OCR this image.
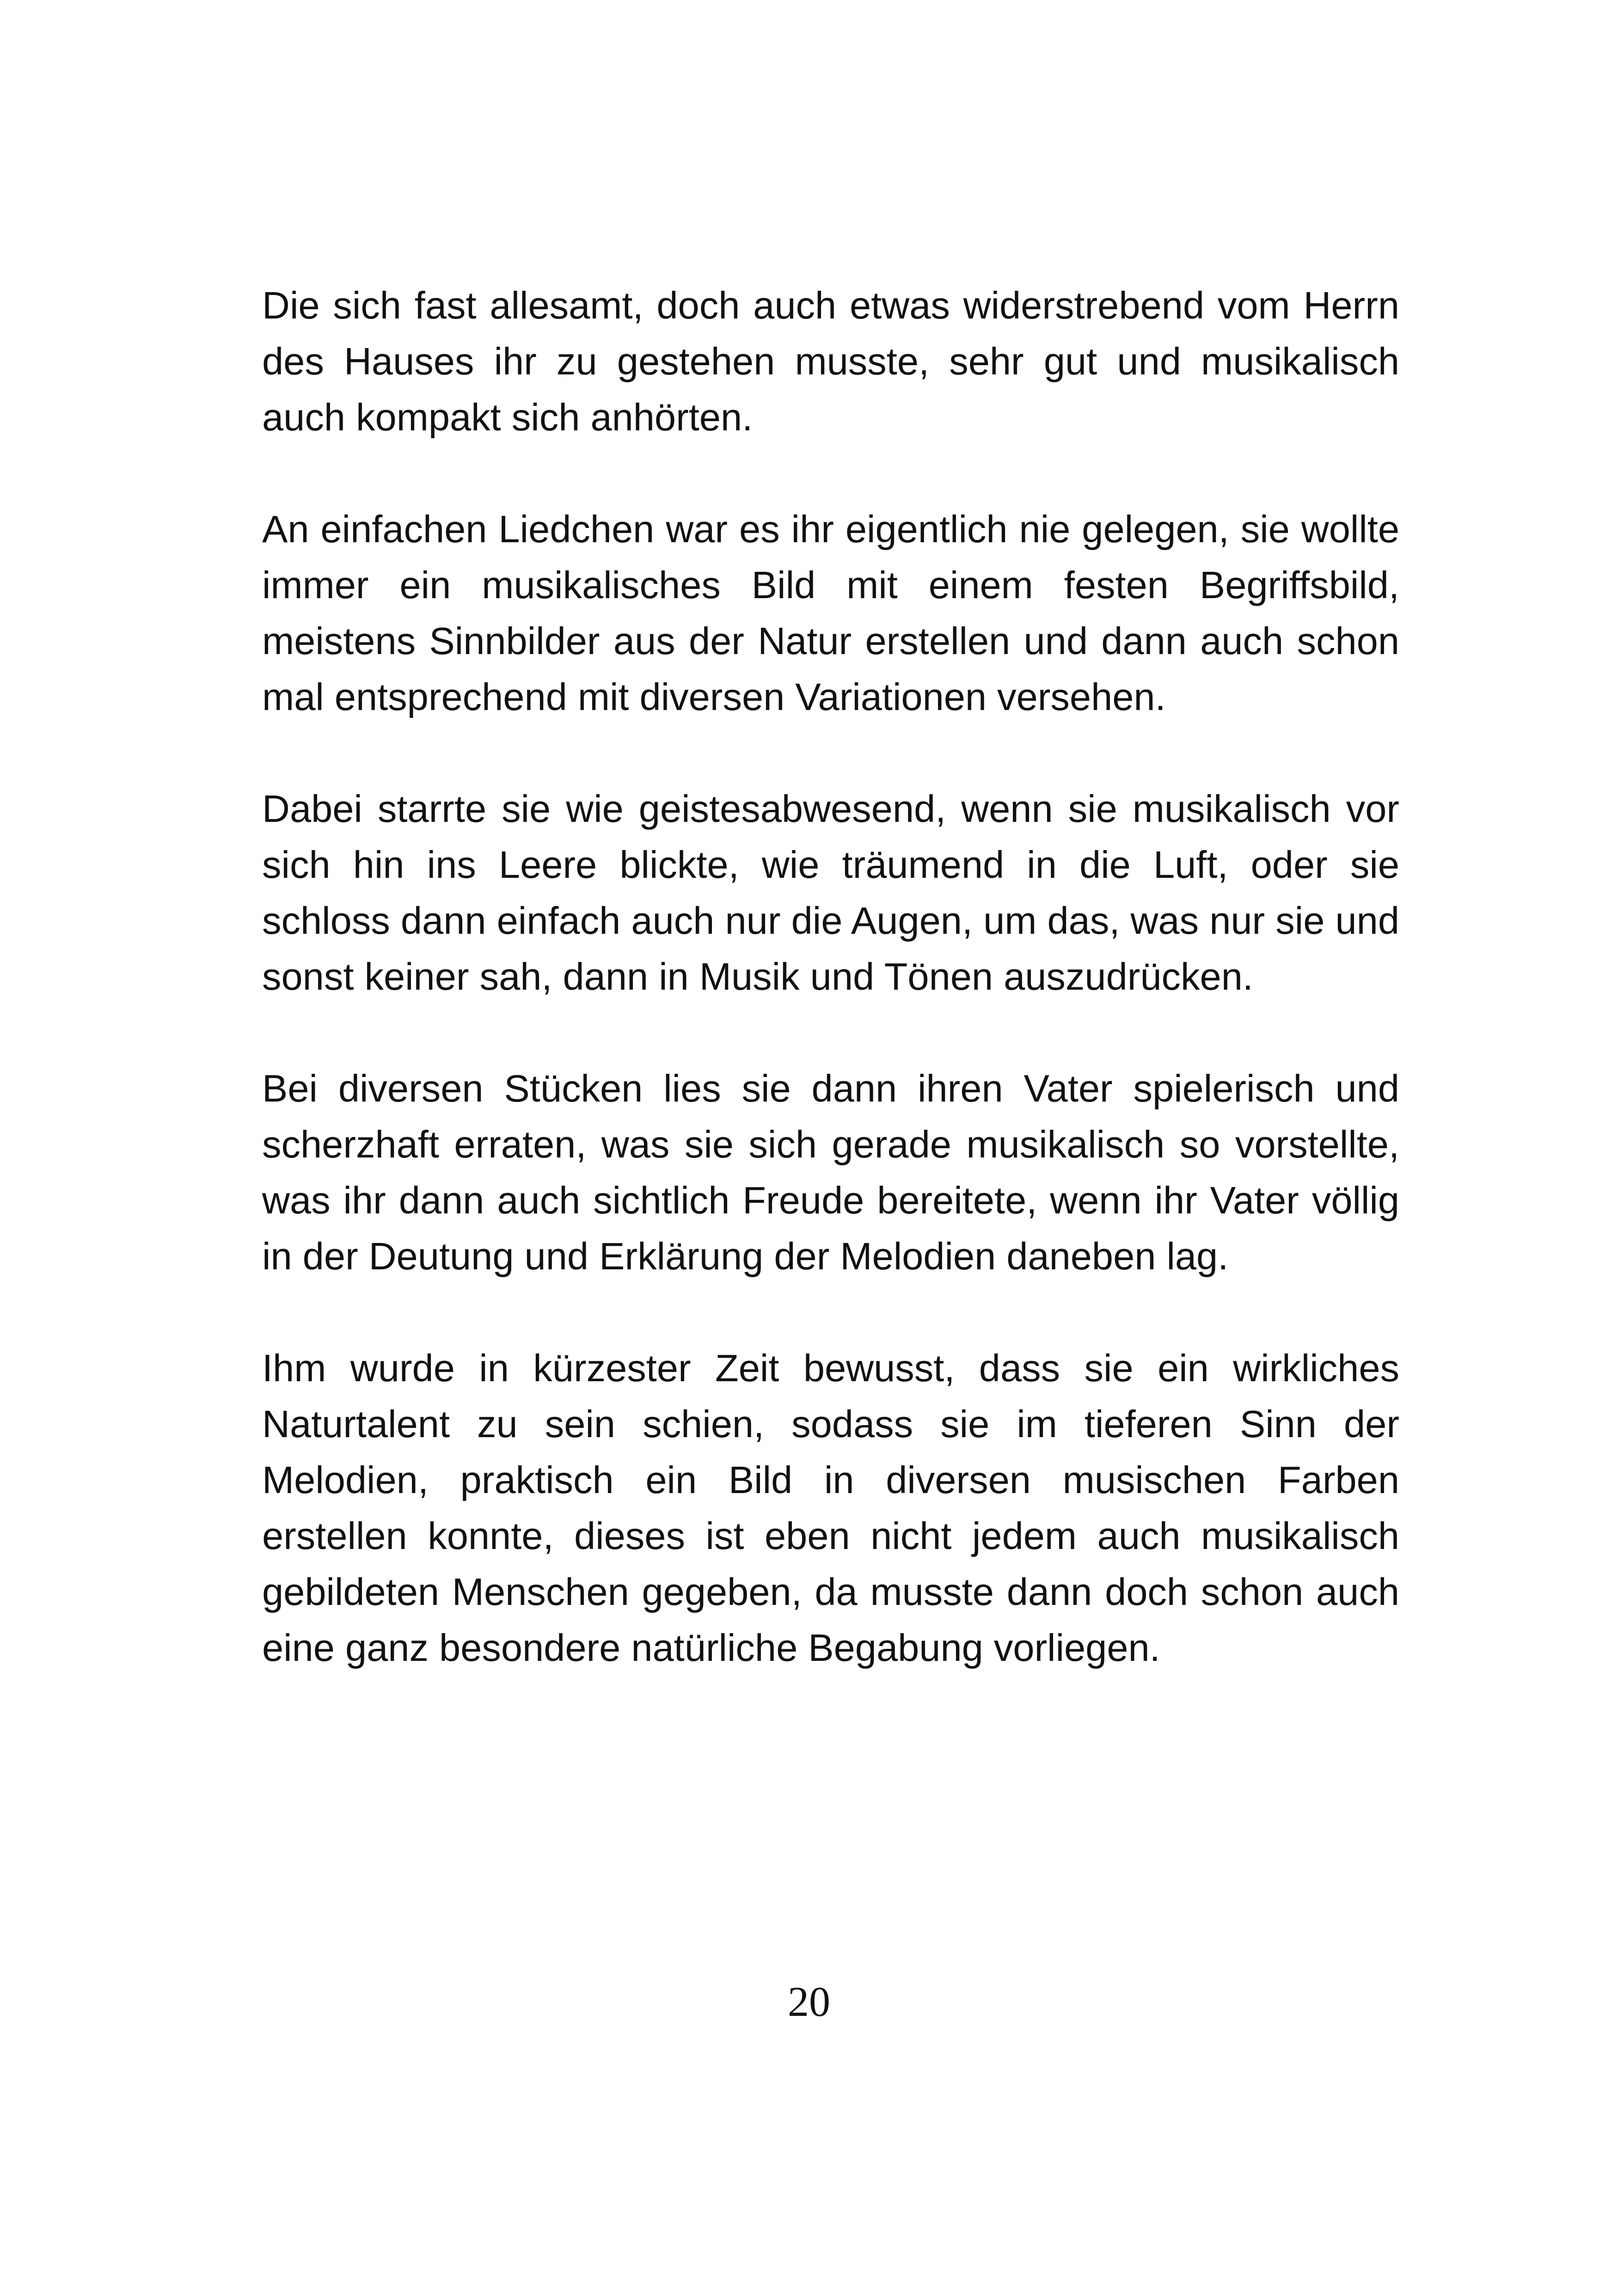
Die sich fast allesamt, doch auch etwas widerstrebend vom Herrn des Hauses ihr zu gestehen musste, sehr gut und musikalisch auch kompakt sich anhörten.

An einfachen Liedchen war es ihr eigentlich nie gelegen, sie wollte immer ein musikalisches Bild mit einem festen Begriffsbild, meistens Sinnbilder aus der Natur erstellen und dann auch schon mal entsprechend mit diversen Variationen versehen.

Dabei starrte sie wie geistesabwesend, wenn sie musikalisch vor sich hin ins Leere blickte, wie träumend in die Luft, oder sie schloss dann einfach auch nur die Augen, um das, was nur sie und sonst keiner sah, dann in Musik und Tönen auszudrücken.

Bei diversen Stücken lies sie dann ihren Vater spielerisch und scherzhaft erraten, was sie sich gerade musikalisch so vorstellte, was ihr dann auch sichtlich Freude bereitete, wenn ihr Vater völlig in der Deutung und Erklärung der Melodien daneben lag.

Ihm wurde in kürzester Zeit bewusst, dass sie ein wirkliches Naturtalent zu sein schien, sodass sie im tieferen Sinn der Melodien, praktisch ein Bild in diversen musischen Farben erstellen konnte, dieses ist eben nicht jedem auch musikalisch gebildeten Menschen gegeben, da musste dann doch schon auch eine ganz besondere natürliche Begabung vorliegen.

20
